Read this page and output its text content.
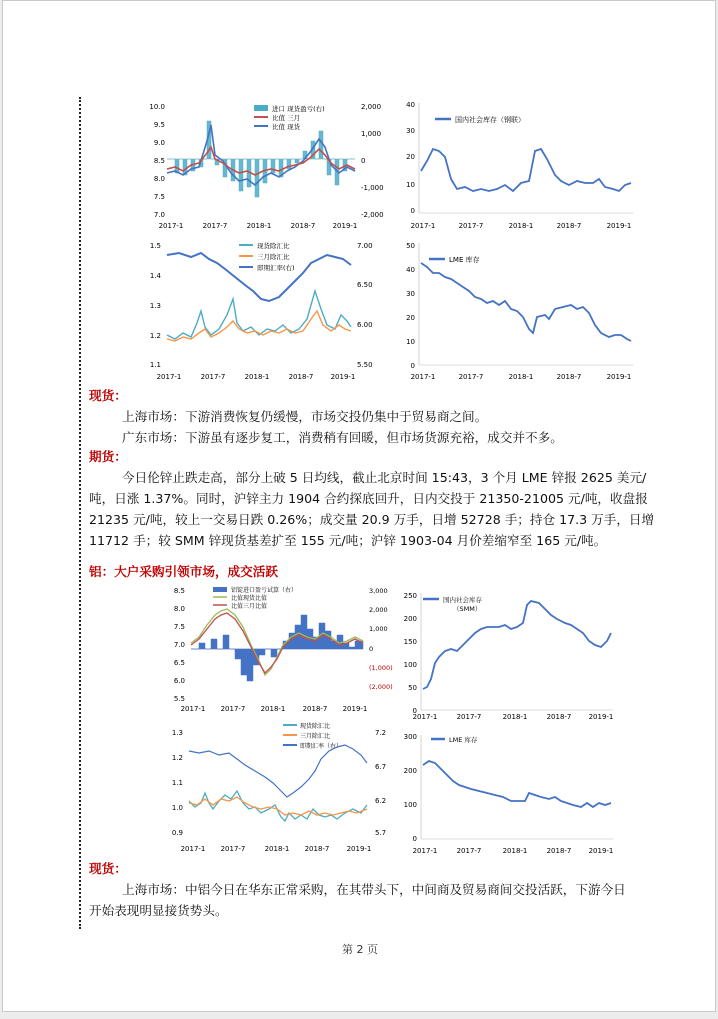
进口 现货盈亏(右)
比值 三月
比值 现货
10.0
9.5
9.0
8.5
8.0
7.5
7.0
2,000
1,000
0
-1,000
-2,000
2017-1	2017-7	2018-1	2018-7 2019-1
国内社会库存（钢联）
40
30
20
10
0
2017-1	2017-7	2018-1	2018-7	2019-1
现货除汇比
三月除汇比
即期汇率(右)
1.5
1.4
1.3
1.2
1.1
7.00
6.50
6.00
5.50
2017-1	2017-7	2018-1	2018-7 2019-1
LME 库存
50
40
30
20
10
0
2017-1	2017-7	2018-1	2018-7	2019-1
现货：
上海市场：下游消费恢复仍缓慢，市场交投仍集中于贸易商之间。
广东市场：下游虽有逐步复工，消费稍有回暖，但市场货源充裕，成交并不多。
期货：
今日伦锌止跌走高，部分上破 5 日均线，截止北京时间 15:43，3 个月 LME 锌报 2625 美元/
吨，日涨 1.37%。同时，沪锌主力 1904 合约探底回升，日内交投于 21350-21005 元/吨，收盘报
21235 元/吨，较上一交易日跌 0.26%；成交量 20.9 万手，日增 52728 手；持仓 17.3 万手，日增
11712 手；较 SMM 锌现货基差扩至 155 元/吨；沪锌 1903-04 月价差缩窄至 165 元/吨。
铝：大户采购引领市场，成交活跃
铝锭进口盈亏试算（右）
比值现货比值
比值三月比值
8.5
8.0
7.5
7.0
6.5
6.0
5.5
3,000
2,000
1,000
0
(1,000)
(2,000)
2017-1 2017-7 2018-1 2018-7 2019-1
国内社会库存
（SMM）
250
200
150
100
50
0
2017-1	2017-7	2018-1	2018-7 2019-1
现货除汇比
三月除汇比
即期汇率（右）
1.3
1.2
1.1
1.0
0.9
7.2
6.7
6.2
5.7
2017-1 2017-7	2018-1 2018-7 2019-1
LME 库存
300
200
100
0
2017-1	2017-7	2018-1	2018-7 2019-1
现货：
上海市场：中铝今日在华东正常采购，在其带头下，中间商及贸易商间交投活跃，下游今日
开始表现明显接货势头。
第 2 页
